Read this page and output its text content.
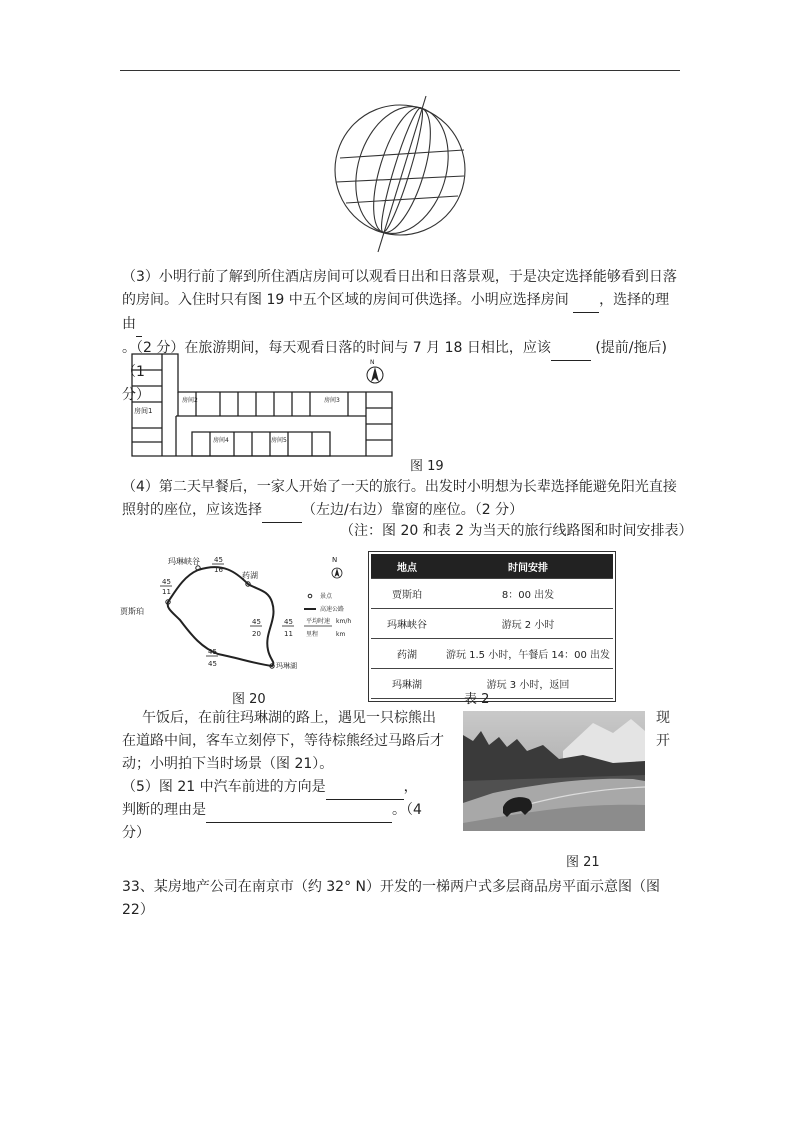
（3）小明行前了解到所住酒店房间可以观看日出和日落景观，于是决定选择能够看到日落
的房间。入住时只有图 19 中五个区域的房间可供选择。小明应选择房间  ，选择的理由
。（2 分）在旅游期间，每天观看日落的时间与 7 月 18 日相比，应该	(提前/拖后)（1
分）
房间1
房间2	房间3
房间4	房间5
N
图 19
（4）第二天早餐后，一家人开始了一天的旅行。出发时小明想为长辈选择能避免阳光直接
照射的座位，应该选择	（左边/右边）靠窗的座位。（2 分）
（注：图 20 和表 2 为当天的旅行线路图和时间安排表）
玛琳峡谷
药湖
贾斯珀
玛琳湖
45
16
45
11
45
20
45
11
45
45
N
景点
高速公路
平均时速
里程
km/h
km
地点	时间安排
贾斯珀	8：00 出发
玛琳峡谷	游玩 2 小时
药湖	游玩 1.5 小时，午餐后 14：00 出发
玛琳湖	游玩 3 小时，返回
图 20	表 2
午饭后，在前往玛琳湖的路上，遇见一只棕熊出
在道路中间，客车立刻停下，等待棕熊经过马路后才
动；小明拍下当时场景（图 21）。
（5）图 21 中汽车前进的方向是	，
判断的理由是	。（4
分）
现
开
图 21
33、某房地产公司在南京市（约 32° N）开发的一梯两户式多层商品房平面示意图（图
22）
